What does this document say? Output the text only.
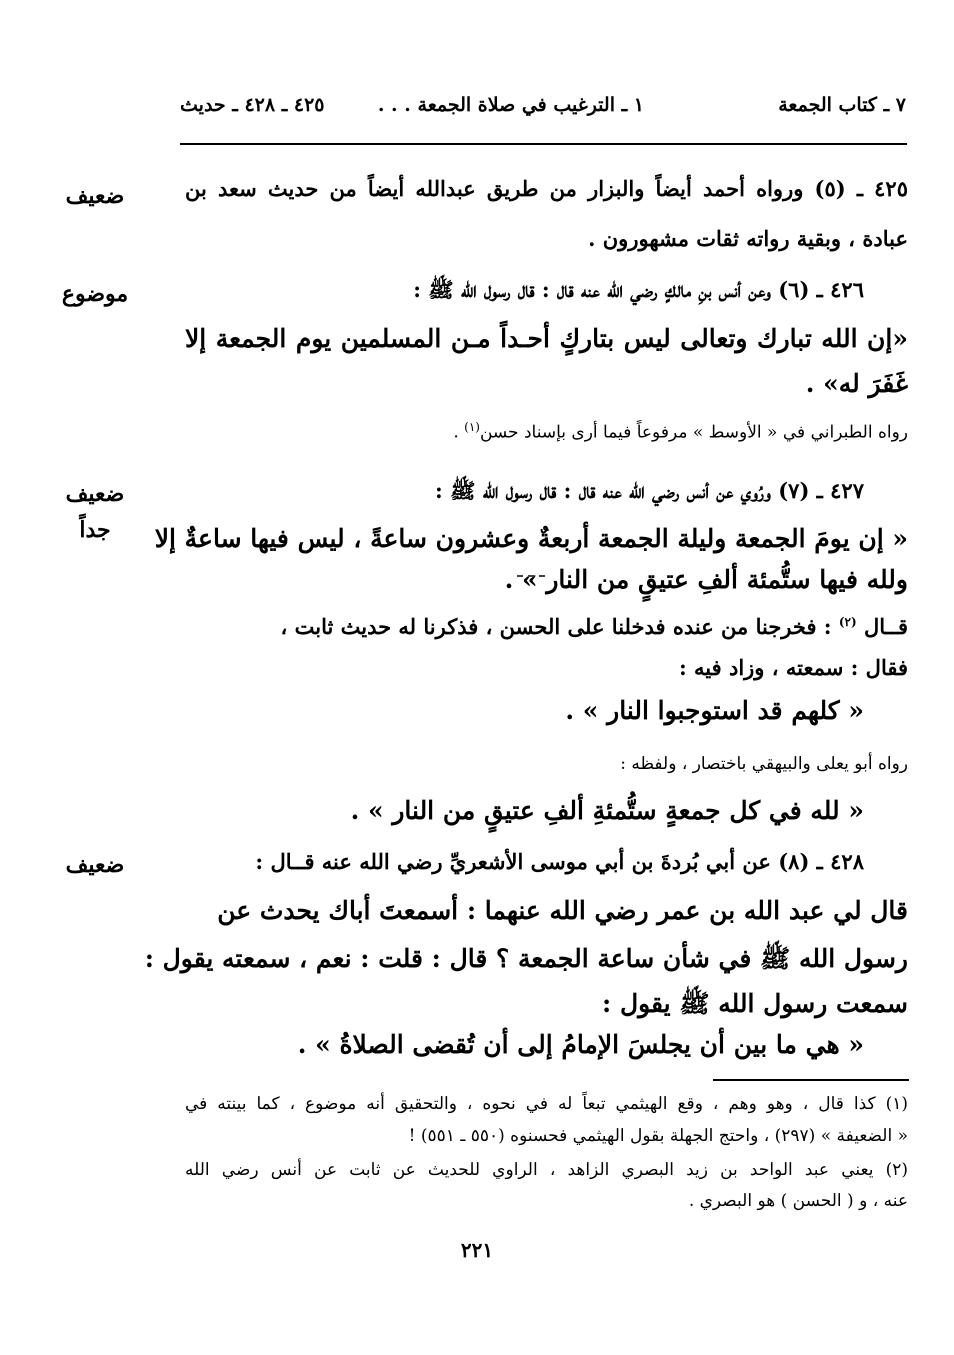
٧ ـ كتاب الجمعة
١ ـ الترغيب في صلاة الجمعة . . .
٤٢٥ ـ ٤٢٨ ـ حديث
ضعيف
موضوع
ضعيف
جداً
ضعيف
٤٢٥ ـ (٥) ورواه أحمد أيضاً والبزار من طريق عبدالله أيضاً من حديث سعد بن
عبادة ، وبقية رواته ثقات مشهورون .
٤٢٦ ـ (٦) وعن أنس بنِ مالكٍ رضي الله عنه قال : قال رسول الله ﷺ :
«إن الله تبارك وتعالى ليس بتاركٍ أحـداً مـن المسلمين يوم الجمعة إلا
غَفَرَ له» .
رواه الطبراني في « الأوسط » مرفوعاً فيما أرى بإسناد حسن$^{(١)}$ .
٤٢٧ ـ (٧) ورُوي عن أنس رضي الله عنه قال : قال رسول الله ﷺ :
« إن يومَ الجمعة وليلة الجمعة أربعةٌ وعشرون ساعةً ، ليس فيها ساعةٌ إلا
ولله فيها ستُّمئة ألفِ عتيقٍ من النار » .
قــال $^{(٢)}$ : فخرجنا من عنده فدخلنا على الحسن ، فذكرنا له حديث ثابت ،
فقال : سمعته ، وزاد فيه :
« كلهم قد استوجبوا النار » .
رواه أبو يعلى والبيهقي باختصار ، ولفظه :
« لله في كل جمعةٍ ستُّمئةِ ألفِ عتيقٍ من النار » .
٤٢٨ ـ (٨) عن أبي بُردةَ بن أبي موسى الأشعريِّ رضي الله عنه قــال :
قال لي عبد الله بن عمر رضي الله عنهما : أسمعتَ أباك يحدث عن
رسول الله ﷺ في شأن ساعة الجمعة ؟ قال : قلت : نعم ، سمعته يقول :
سمعت رسول الله ﷺ يقول :
« هي ما بين أن يجلسَ الإمامُ إلى أن تُقضى الصلاةُ » .
(١) كذا قال ، وهو وهم ، وقع الهيثمي تبعاً له في نحوه ، والتحقيق أنه موضوع ، كما بينته في
« الضعيفة » (٢٩٧) ، واحتج الجهلة بقول الهيثمي فحسنوه (٥٥٠ ـ ٥٥١) !
(٢) يعني عبد الواحد بن زيد البصري الزاهد ، الراوي للحديث عن ثابت عن أنس رضي الله
عنه ، و ( الحسن ) هو البصري .
٢٢١
